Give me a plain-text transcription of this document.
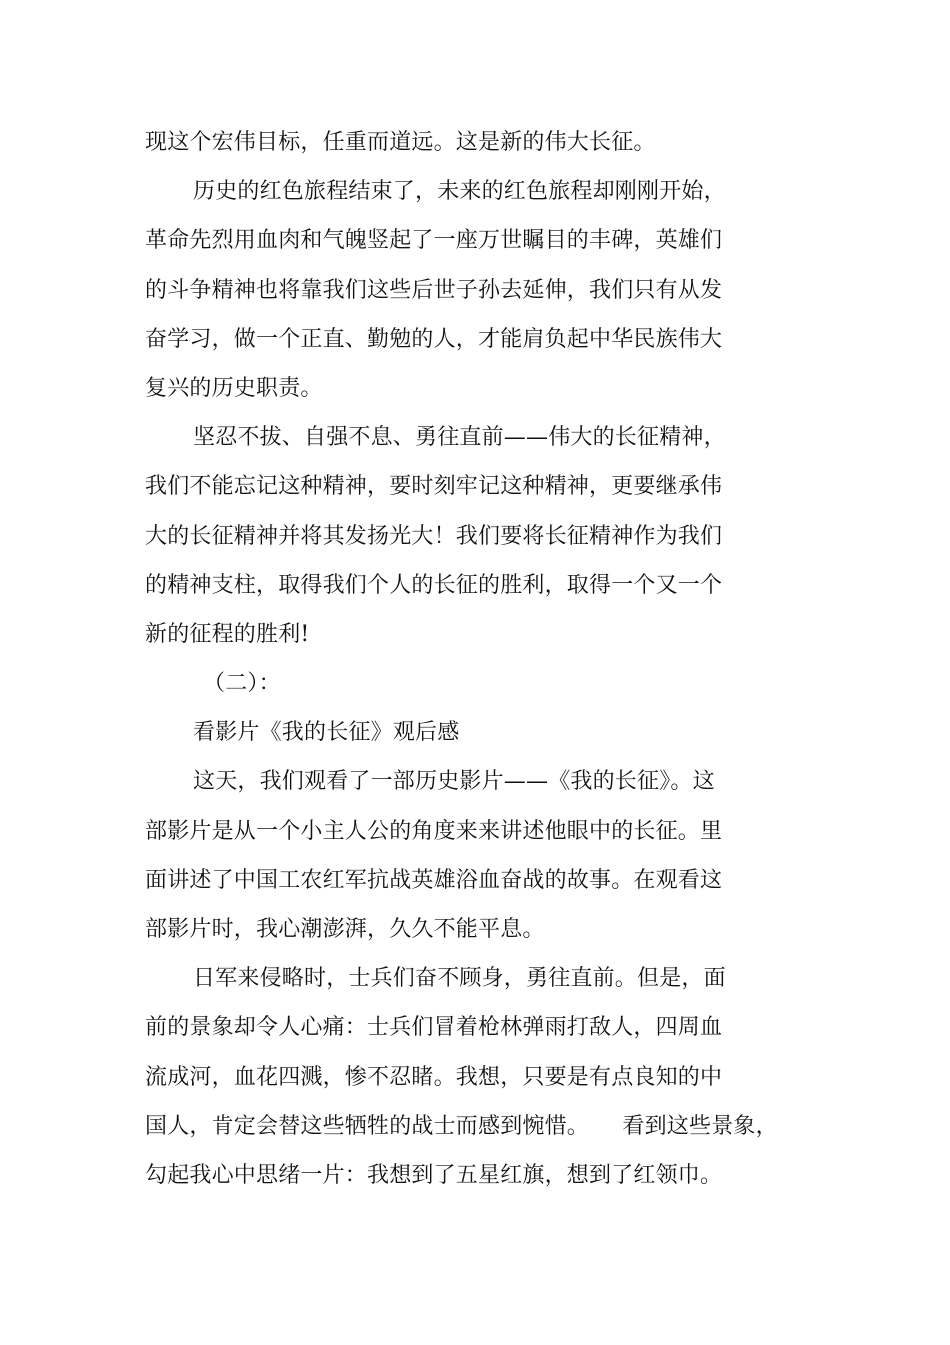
现这个宏伟目标，任重而道远。这是新的伟大长征。
历史的红色旅程结束了，未来的红色旅程却刚刚开始，
革命先烈用血肉和气魄竖起了一座万世瞩目的丰碑，英雄们
的斗争精神也将靠我们这些后世子孙去延伸，我们只有从发
奋学习，做一个正直、勤勉的人，才能肩负起中华民族伟大
复兴的历史职责。
坚忍不拔、自强不息、勇往直前——伟大的长征精神，
我们不能忘记这种精神，要时刻牢记这种精神，更要继承伟
大的长征精神并将其发扬光大！我们要将长征精神作为我们
的精神支柱，取得我们个人的长征的胜利，取得一个又一个
新的征程的胜利!
（二）：
看影片《我的长征》观后感
这天，我们观看了一部历史影片——《我的长征》。这
部影片是从一个小主人公的角度来来讲述他眼中的长征。里
面讲述了中国工农红军抗战英雄浴血奋战的故事。在观看这
部影片时，我心潮澎湃，久久不能平息。
日军来侵略时，士兵们奋不顾身，勇往直前。但是，面
前的景象却令人心痛：士兵们冒着枪林弹雨打敌人，四周血
流成河，血花四溅，惨不忍睹。我想，只要是有点良知的中
国人，肯定会替这些牺牲的战士而感到惋惜。　　看到这些景象，
勾起我心中思绪一片：我想到了五星红旗，想到了红领巾。
